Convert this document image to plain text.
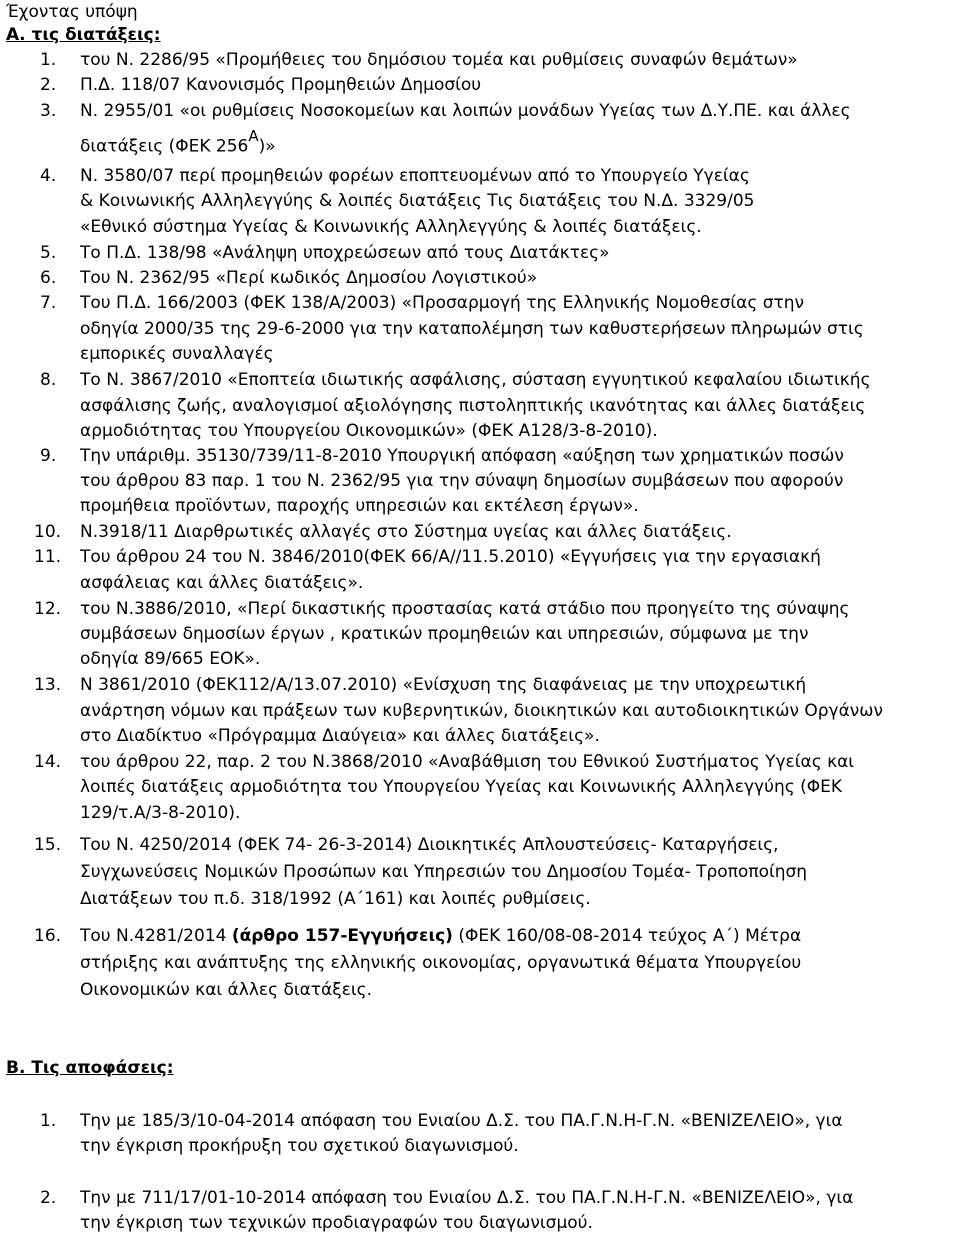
Έχοντας υπόψη
Α. τις διατάξεις:
1. του Ν. 2286/95 «Προμήθειες του δημόσιου τομέα και ρυθμίσεις συναφών θεμάτων»
2. Π.Δ. 118/07 Κανονισμός Προμηθειών Δημοσίου
3. Ν. 2955/01 «οι ρυθμίσεις Νοσοκομείων και λοιπών μονάδων Υγείας των Δ.Υ.ΠΕ. και άλλες
διατάξεις (ΦΕΚ $256^A$)»
4. Ν. 3580/07 περί προμηθειών φορέων εποπτευομένων από το Υπουργείο Υγείας
& Κοινωνικής Αλληλεγγύης & λοιπές διατάξεις Τις διατάξεις του Ν.Δ. 3329/05
«Εθνικό σύστημα Υγείας & Κοινωνικής Αλληλεγγύης & λοιπές διατάξεις.
5. Το Π.Δ. 138/98 «Ανάληψη υποχρεώσεων από τους Διατάκτες»
6. Του Ν. 2362/95 «Περί κωδικός Δημοσίου Λογιστικού»
7. Του Π.Δ. 166/2003 (ΦΕΚ 138/Α/2003) «Προσαρμογή της Ελληνικής Νομοθεσίας στην
οδηγία 2000/35 της 29-6-2000 για την καταπολέμηση των καθυστερήσεων πληρωμών στις
εμπορικές συναλλαγές
8. Το Ν. 3867/2010 «Εποπτεία ιδιωτικής ασφάλισης, σύσταση εγγυητικού κεφαλαίου ιδιωτικής
ασφάλισης ζωής, αναλογισμοί αξιολόγησης πιστοληπτικής ικανότητας και άλλες διατάξεις
αρμοδιότητας του Υπουργείου Οικονομικών» (ΦΕΚ Α128/3-8-2010).
9. Την υπάριθμ. 35130/739/11-8-2010 Υπουργική απόφαση «αύξηση των χρηματικών ποσών
του άρθρου 83 παρ. 1 του Ν. 2362/95 για την σύναψη δημοσίων συμβάσεων που αφορούν
προμήθεια προϊόντων, παροχής υπηρεσιών και εκτέλεση έργων».
10. Ν.3918/11 Διαρθρωτικές αλλαγές στο Σύστημα υγείας και άλλες διατάξεις.
11. Του άρθρου 24 του Ν. 3846/2010(ΦΕΚ 66/Α//11.5.2010) «Εγγυήσεις για την εργασιακή
ασφάλειας και άλλες διατάξεις».
12. του Ν.3886/2010, «Περί δικαστικής προστασίας κατά στάδιο που προηγείτο της σύναψης
συμβάσεων δημοσίων έργων , κρατικών προμηθειών και υπηρεσιών, σύμφωνα με την
οδηγία 89/665 ΕΟΚ».
13. Ν 3861/2010 (ΦΕΚ112/Α/13.07.2010) «Ενίσχυση της διαφάνειας με την υποχρεωτική
ανάρτηση νόμων και πράξεων των κυβερνητικών, διοικητικών και αυτοδιοικητικών Οργάνων
στο Διαδίκτυο «Πρόγραμμα Διαύγεια» και άλλες διατάξεις».
14. του άρθρου 22, παρ. 2 του Ν.3868/2010 «Αναβάθμιση του Εθνικού Συστήματος Υγείας και
λοιπές διατάξεις αρμοδιότητα του Υπουργείου Υγείας και Κοινωνικής Αλληλεγγύης (ΦΕΚ
129/τ.Α/3-8-2010).
15. Του Ν. 4250/2014 (ΦΕΚ 74- 26-3-2014) Διοικητικές Απλουστεύσεις- Καταργήσεις,
Συγχωνεύσεις Νομικών Προσώπων και Υπηρεσιών του Δημοσίου Τομέα- Τροποποίηση
Διατάξεων του π.δ. 318/1992 (Α΄161) και λοιπές ρυθμίσεις.
16. Του Ν.4281/2014 (άρθρο 157-Εγγυήσεις) (ΦΕΚ 160/08-08-2014 τεύχος Α΄) Μέτρα
στήριξης και ανάπτυξης της ελληνικής οικονομίας, οργανωτικά θέματα Υπουργείου
Οικονομικών και άλλες διατάξεις.
Β. Τις αποφάσεις:
1. Την με 185/3/10-04-2014 απόφαση του Ενιαίου Δ.Σ. του ΠΑ.Γ.Ν.Η-Γ.Ν. «ΒΕΝΙΖΕΛΕΙΟ», για
την έγκριση προκήρυξη του σχετικού διαγωνισμού.
2. Την με 711/17/01-10-2014 απόφαση του Ενιαίου Δ.Σ. του ΠΑ.Γ.Ν.Η-Γ.Ν. «ΒΕΝΙΖΕΛΕΙΟ», για
την έγκριση των τεχνικών προδιαγραφών του διαγωνισμού.
